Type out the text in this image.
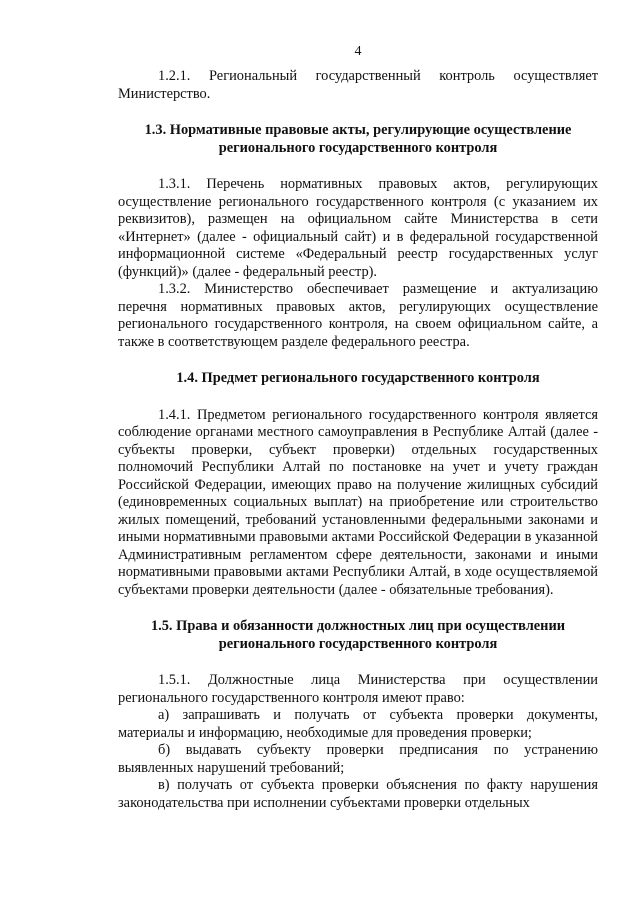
4

1.2.1. Региональный государственный контроль осуществляет Министерство.

1.3. Нормативные правовые акты, регулирующие осуществление регионального государственного контроля

1.3.1. Перечень нормативных правовых актов, регулирующих осуществление регионального государственного контроля (с указанием их реквизитов), размещен на официальном сайте Министерства в сети «Интернет» (далее - официальный сайт) и в федеральной государственной информационной системе «Федеральный реестр государственных услуг (функций)» (далее - федеральный реестр).

1.3.2. Министерство обеспечивает размещение и актуализацию перечня нормативных правовых актов, регулирующих осуществление регионального государственного контроля, на своем официальном сайте, а также в соответствующем разделе федерального реестра.

1.4. Предмет регионального государственного контроля

1.4.1. Предметом регионального государственного контроля является соблюдение органами местного самоуправления в Республике Алтай (далее - субъекты проверки, субъект проверки) отдельных государственных полномочий Республики Алтай по постановке на учет и учету граждан Российской Федерации, имеющих право на получение жилищных субсидий (единовременных социальных выплат) на приобретение или строительство жилых помещений, требований установленными федеральными законами и иными нормативными правовыми актами Российской Федерации в указанной Административным регламентом сфере деятельности, законами и иными нормативными правовыми актами Республики Алтай, в ходе осуществляемой субъектами проверки деятельности (далее - обязательные требования).

1.5. Права и обязанности должностных лиц при осуществлении регионального государственного контроля

1.5.1. Должностные лица Министерства при осуществлении регионального государственного контроля имеют право:

а) запрашивать и получать от субъекта проверки документы, материалы и информацию, необходимые для проведения проверки;

б) выдавать субъекту проверки предписания по устранению выявленных нарушений требований;

в) получать от субъекта проверки объяснения по факту нарушения законодательства при исполнении субъектами проверки отдельных
